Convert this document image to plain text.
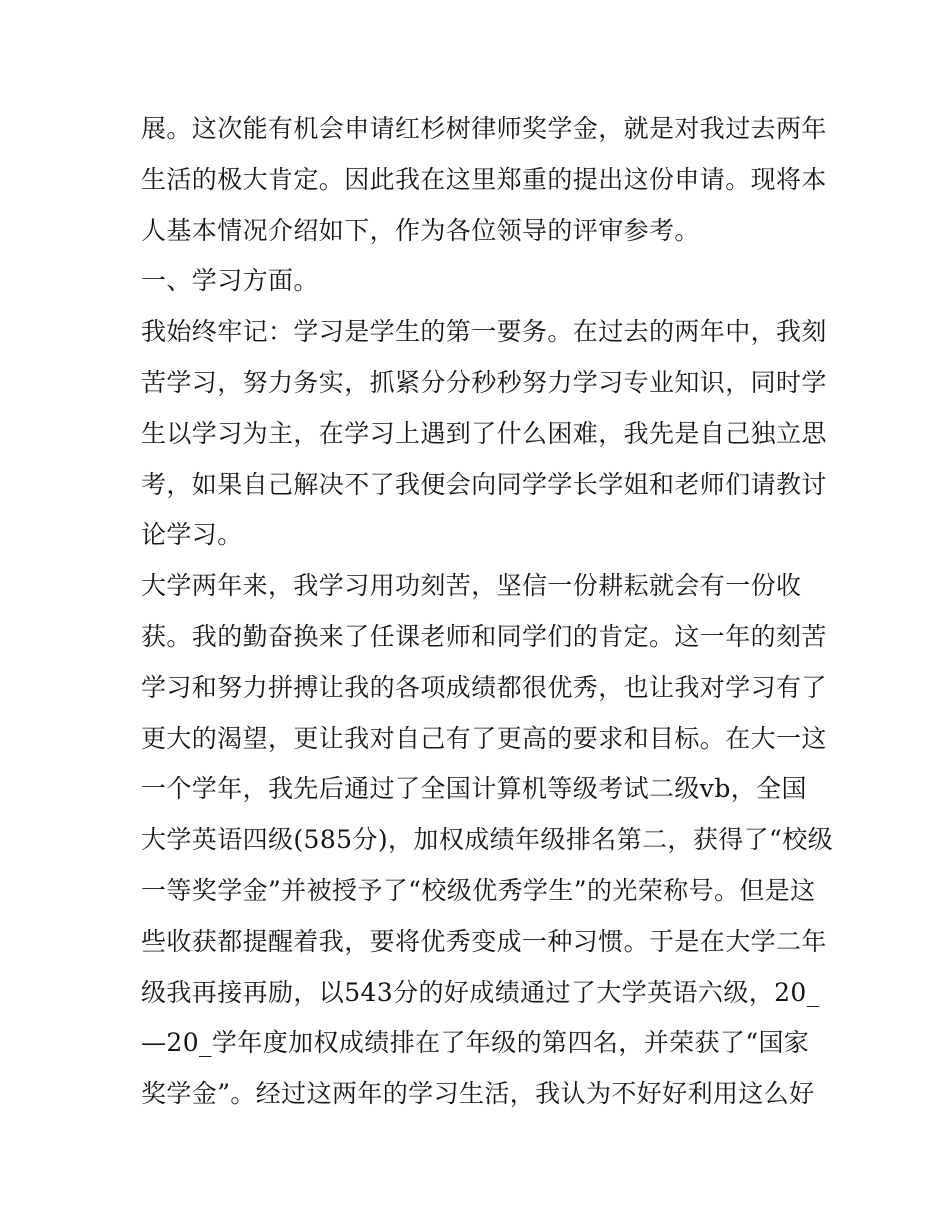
展。这次能有机会申请红杉树律师奖学金，就是对我过去两年
生活的极大肯定。因此我在这里郑重的提出这份申请。现将本
人基本情况介绍如下，作为各位领导的评审参考。
一、学习方面。
我始终牢记：学习是学生的第一要务。在过去的两年中，我刻
苦学习，努力务实，抓紧分分秒秒努力学习专业知识，同时学
生以学习为主，在学习上遇到了什么困难，我先是自己独立思
考，如果自己解决不了我便会向同学学长学姐和老师们请教讨
论学习。
大学两年来，我学习用功刻苦，坚信一份耕耘就会有一份收
获。我的勤奋换来了任课老师和同学们的肯定。这一年的刻苦
学习和努力拼搏让我的各项成绩都很优秀，也让我对学习有了
更大的渴望，更让我对自己有了更高的要求和目标。在大一这
一个学年，我先后通过了全国计算机等级考试二级vb，全国
大学英语四级(585分)，加权成绩年级排名第二，获得了“校级
一等奖学金”并被授予了“校级优秀学生”的光荣称号。但是这
些收获都提醒着我，要将优秀变成一种习惯。于是在大学二年
级我再接再励，以543分的好成绩通过了大学英语六级，20_
—20_学年度加权成绩排在了年级的第四名，并荣获了“国家
奖学金”。经过这两年的学习生活，我认为不好好利用这么好
